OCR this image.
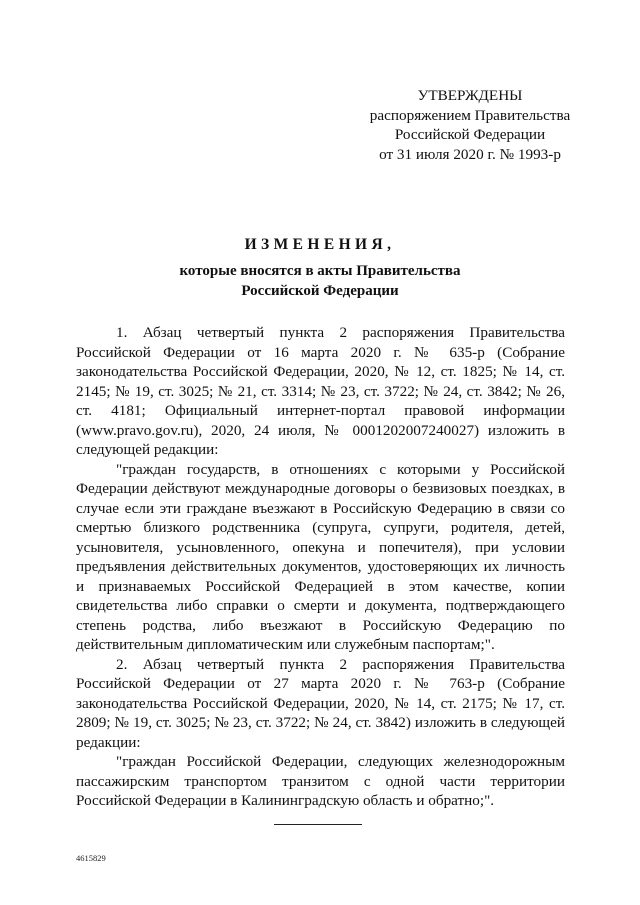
УТВЕРЖДЕНЫ
распоряжением Правительства
Российской Федерации
от 31 июля 2020 г. № 1993-р
ИЗМЕНЕНИЯ,
которые вносятся в акты Правительства
Российской Федерации

1. Абзац четвертый пункта 2 распоряжения Правительства Российской Федерации от 16 марта 2020 г. № 635-р (Собрание законодательства Российской Федерации, 2020, № 12, ст. 1825; № 14, ст. 2145; № 19, ст. 3025; № 21, ст. 3314; № 23, ст. 3722; № 24, ст. 3842; № 26, ст. 4181; Официальный интернет-портал правовой информации (www.pravo.gov.ru), 2020, 24 июля, № 0001202007240027) изложить в следующей редакции:

"граждан государств, в отношениях с которыми у Российской Федерации действуют международные договоры о безвизовых поездках, в случае если эти граждане въезжают в Российскую Федерацию в связи со смертью близкого родственника (супруга, супруги, родителя, детей, усыновителя, усыновленного, опекуна и попечителя), при условии предъявления действительных документов, удостоверяющих их личность и признаваемых Российской Федерацией в этом качестве, копии свидетельства либо справки о смерти и документа, подтверждающего степень родства, либо въезжают в Российскую Федерацию по действительным дипломатическим или служебным паспортам;".

2. Абзац четвертый пункта 2 распоряжения Правительства Российской Федерации от 27 марта 2020 г. № 763-р (Собрание законодательства Российской Федерации, 2020, № 14, ст. 2175; № 17, ст. 2809; № 19, ст. 3025; № 23, ст. 3722; № 24, ст. 3842) изложить в следующей редакции:

"граждан Российской Федерации, следующих железнодорожным пассажирским транспортом транзитом с одной части территории Российской Федерации в Калининградскую область и обратно;".

4615829
